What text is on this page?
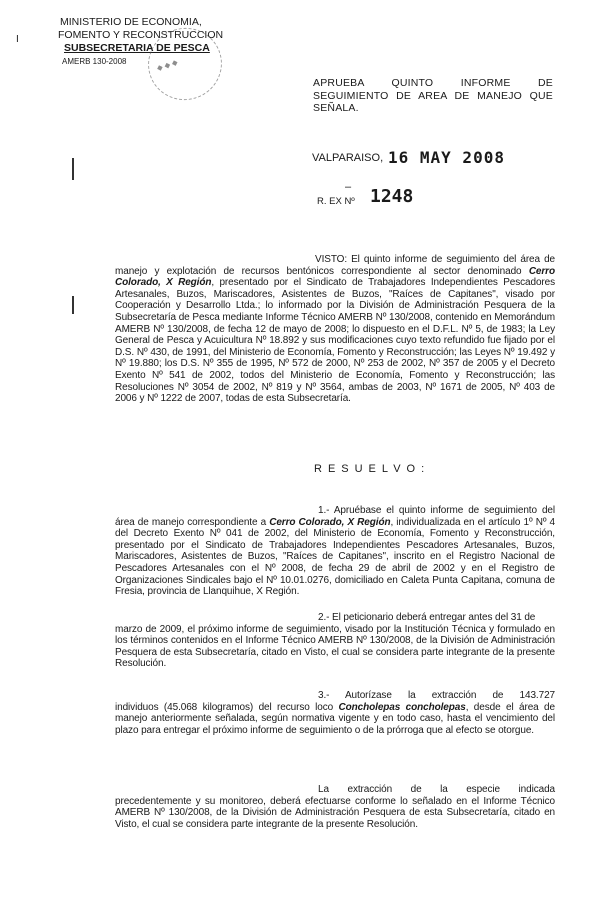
MINISTERIO DE ECONOMIA,
FOMENTO Y RECONSTRUCCION
SUBSECRETARIA DE PESCA
AMERB 130-2008	◆ ◆ ◆
I
APRUEBA QUINTO INFORME DE SEGUIMIENTO DE AREA DE MANEJO QUE SEÑALA.
VALPARAISO, 16 MAY 2008
–
R. EX Nº 1248
VISTO: El quinto informe de seguimiento del área de manejo y explotación de recursos bentónicos correspondiente al sector denominado Cerro Colorado, X Región, presentado por el Sindicato de Trabajadores Independientes Pescadores Artesanales, Buzos, Mariscadores, Asistentes de Buzos, "Raíces de Capitanes", visado por Cooperación y Desarrollo Ltda.; lo informado por la División de Administración Pesquera de la Subsecretaría de Pesca mediante Informe Técnico AMERB Nº 130/2008, contenido en Memorándum AMERB Nº 130/2008, de fecha 12 de mayo de 2008; lo dispuesto en el D.F.L. Nº 5, de 1983; la Ley General de Pesca y Acuicultura Nº 18.892 y sus modificaciones cuyo texto refundido fue fijado por el D.S. Nº 430, de 1991, del Ministerio de Economía, Fomento y Reconstrucción; las Leyes Nº 19.492 y Nº 19.880; los D.S. Nº 355 de 1995, Nº 572 de 2000, Nº 253 de 2002, Nº 357 de 2005 y el Decreto Exento Nº 541 de 2002, todos del Ministerio de Economía, Fomento y Reconstrucción; las Resoluciones Nº 3054 de 2002, Nº 819 y Nº 3564, ambas de 2003, Nº 1671 de 2005, Nº 403 de 2006 y Nº 1222 de 2007, todas de esta Subsecretaría.
RESUELVO:
1.- Apruébase el quinto informe de seguimiento del área de manejo correspondiente a Cerro Colorado, X Región, individualizada en el artículo 1º Nº 4 del Decreto Exento Nº 041 de 2002, del Ministerio de Economía, Fomento y Reconstrucción, presentado por el Sindicato de Trabajadores Independientes Pescadores Artesanales, Buzos, Mariscadores, Asistentes de Buzos, "Raíces de Capitanes", inscrito en el Registro Nacional de Pescadores Artesanales con el Nº 2008, de fecha 29 de abril de 2002 y en el Registro de Organizaciones Sindicales bajo el Nº 10.01.0276, domiciliado en Caleta Punta Capitana, comuna de Fresia, provincia de Llanquihue, X Región.
2.- El peticionario deberá entregar antes del 31 de
marzo de 2009, el próximo informe de seguimiento, visado por la Institución Técnica y formulado en los términos contenidos en el Informe Técnico AMERB Nº 130/2008, de la División de Administración Pesquera de esta Subsecretaría, citado en Visto, el cual se considera parte integrante de la presente Resolución.
3.- Autorízase la extracción de 143.727
individuos (45.068 kilogramos) del recurso loco Concholepas concholepas, desde el área de manejo anteriormente señalada, según normativa vigente y en todo caso, hasta el vencimiento del plazo para entregar el próximo informe de seguimiento o de la prórroga que al efecto se otorgue.
La extracción de la especie indicada
precedentemente y su monitoreo, deberá efectuarse conforme lo señalado en el Informe Técnico AMERB Nº 130/2008, de la División de Administración Pesquera de esta Subsecretaría, citado en Visto, el cual se considera parte integrante de la presente Resolución.
